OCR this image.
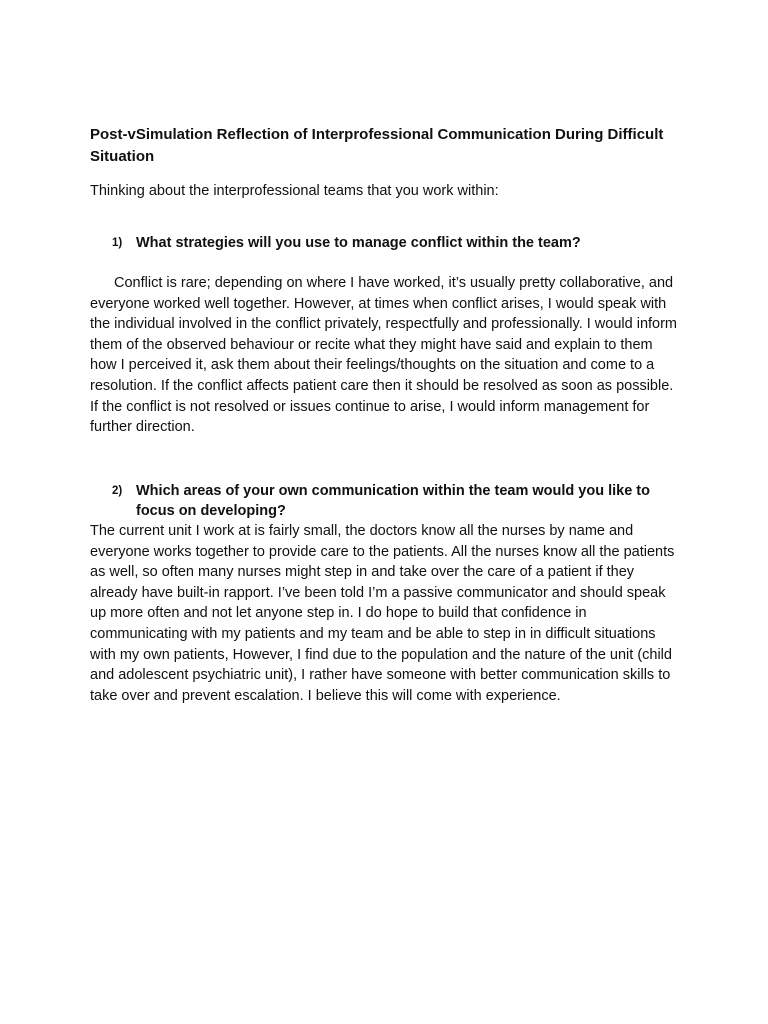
Post-vSimulation Reflection of Interprofessional Communication During Difficult Situation

Thinking about the interprofessional teams that you work within:

1) What strategies will you use to manage conflict within the team?

Conflict is rare; depending on where I have worked, it’s usually pretty collaborative, and everyone worked well together. However, at times when conflict arises, I would speak with the individual involved in the conflict privately, respectfully and professionally. I would inform them of the observed behaviour or recite what they might have said and explain to them how I perceived it, ask them about their feelings/thoughts on the situation and come to a resolution. If the conflict affects patient care then it should be resolved as soon as possible. If the conflict is not resolved or issues continue to arise, I would inform management for further direction.

2) Which areas of your own communication within the team would you like to focus on developing?

The current unit I work at is fairly small, the doctors know all the nurses by name and everyone works together to provide care to the patients. All the nurses know all the patients as well, so often many nurses might step in and take over the care of a patient if they already have built-in rapport. I’ve been told I’m a passive communicator and should speak up more often and not let anyone step in. I do hope to build that confidence in communicating with my patients and my team and be able to step in in difficult situations with my own patients, However, I find due to the population and the nature of the unit (child and adolescent psychiatric unit), I rather have someone with better communication skills to take over and prevent escalation. I believe this will come with experience.
